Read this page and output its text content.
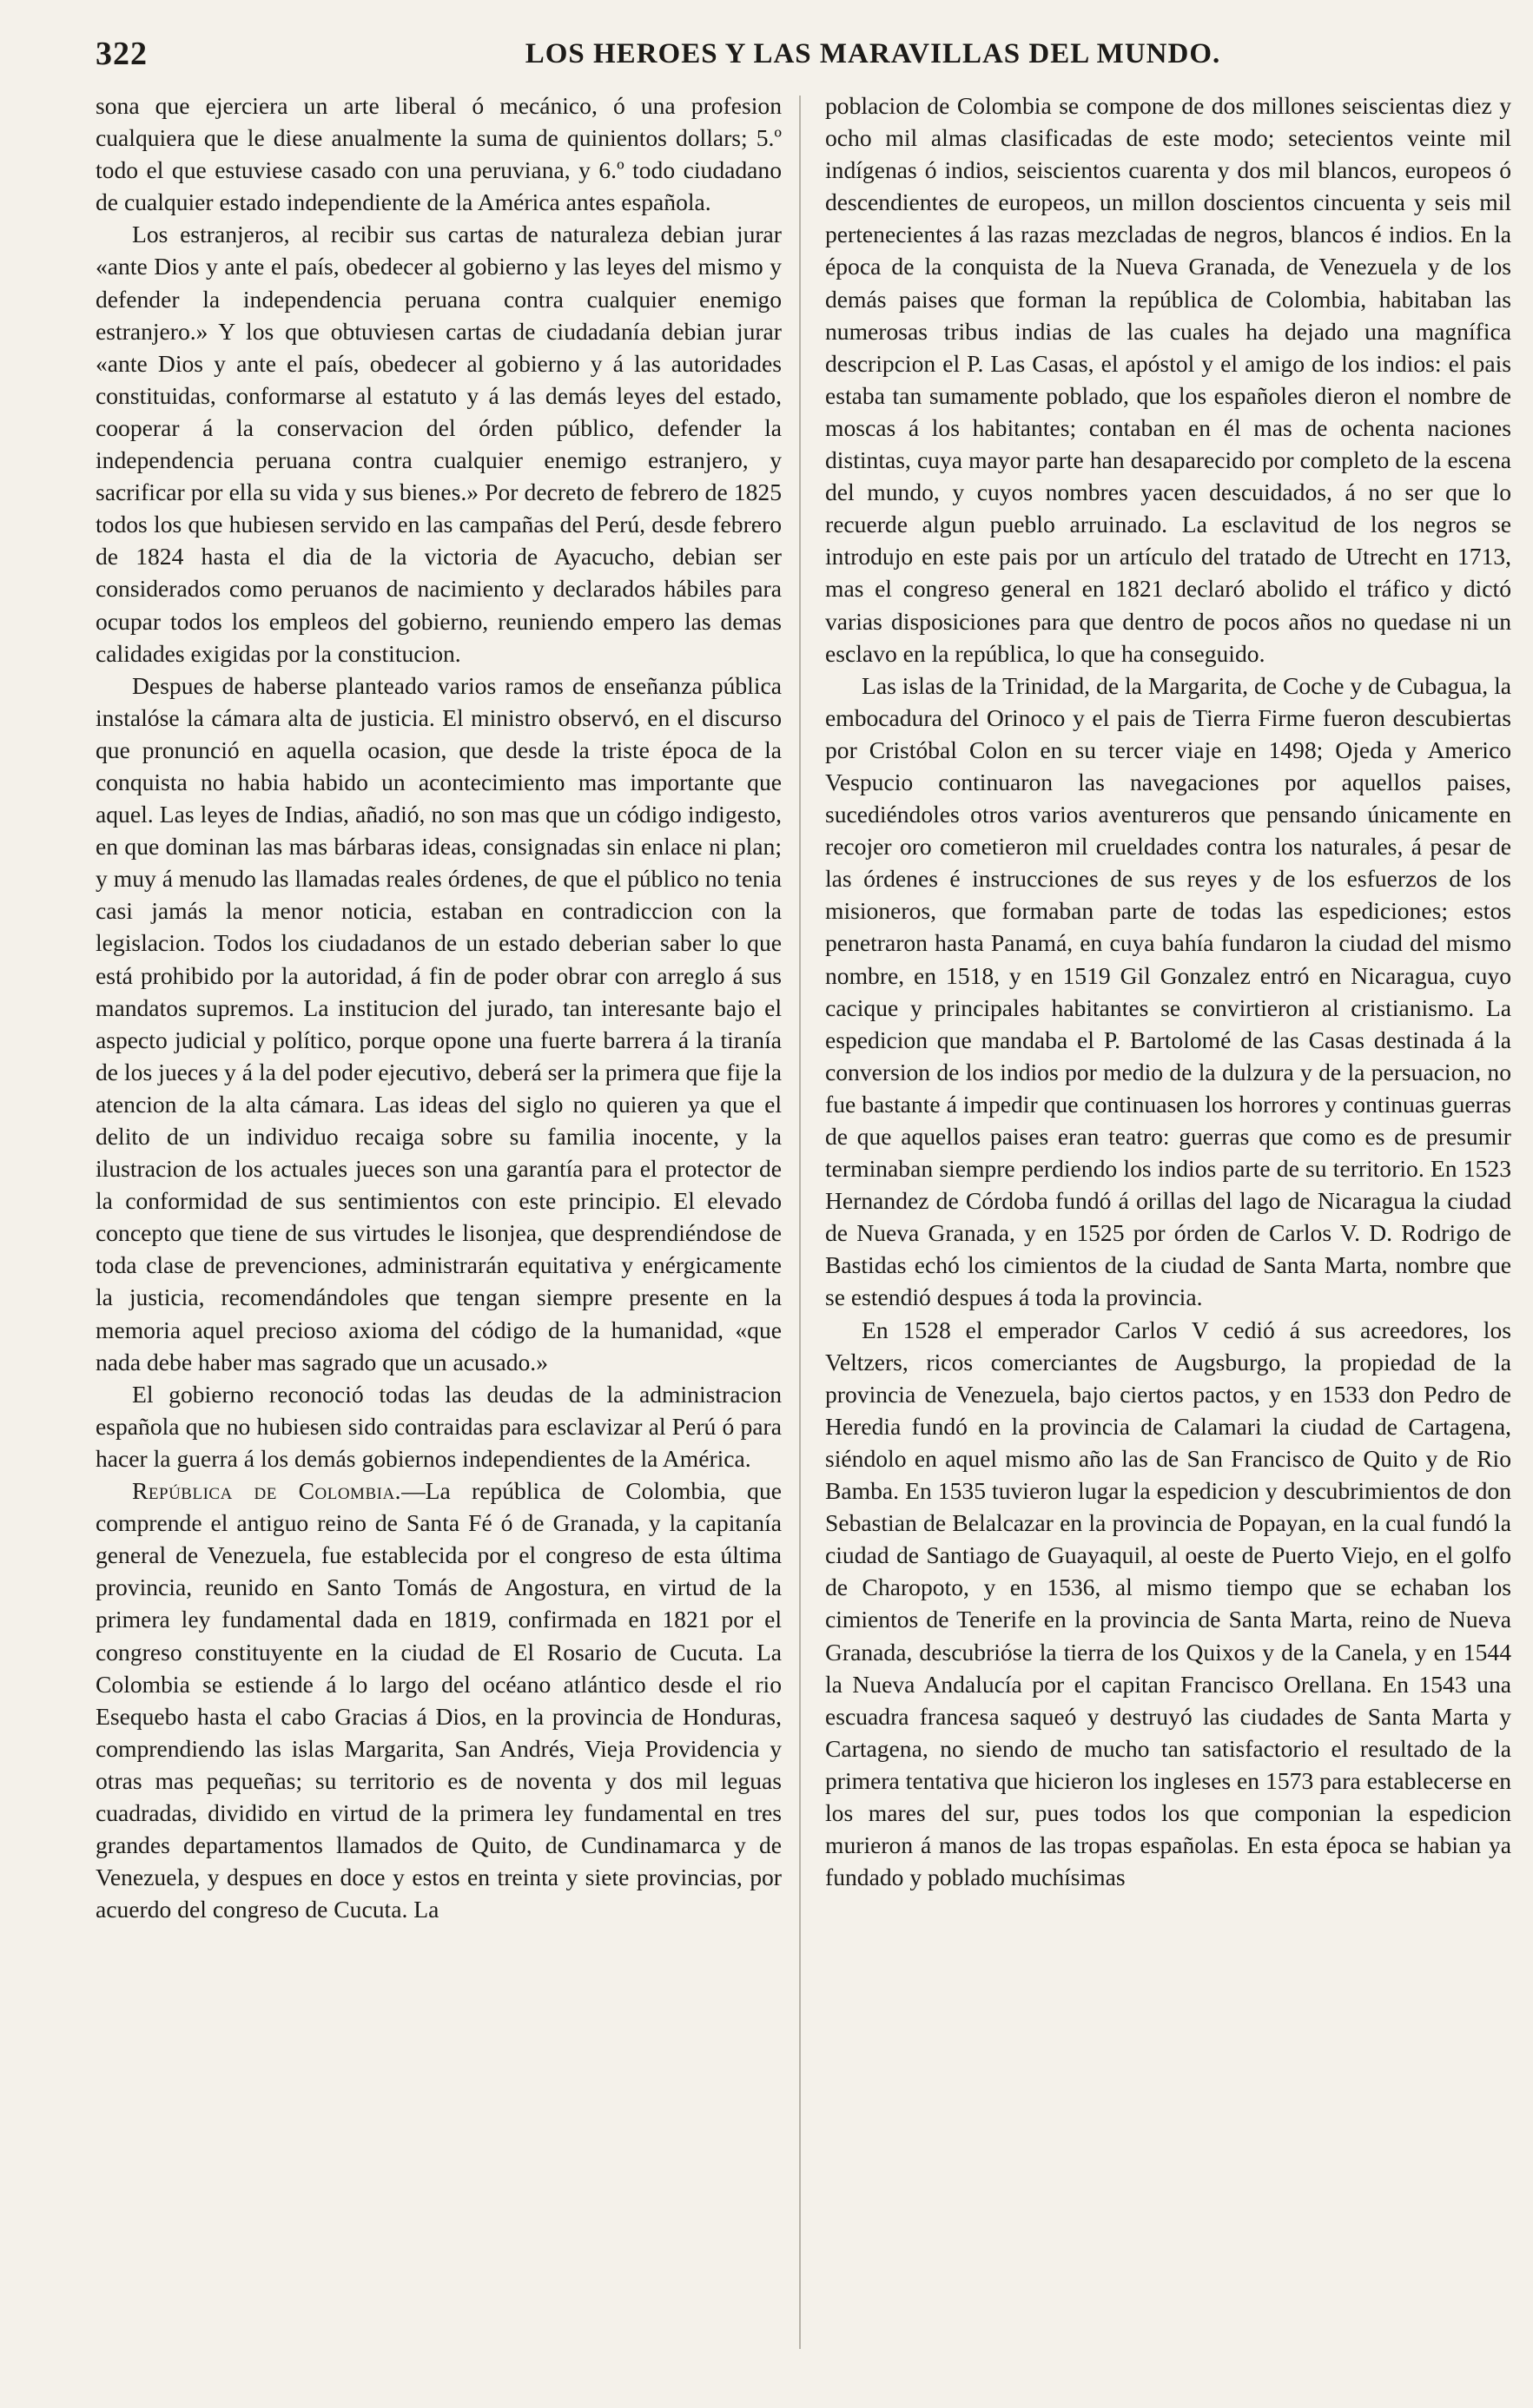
322	LOS HEROES Y LAS MARAVILLAS DEL MUNDO.

sona que ejerciera un arte liberal ó mecánico, ó una profesion cualquiera que le diese anualmente la suma de quinientos dollars; 5.º todo el que estuviese casado con una peruviana, y 6.º todo ciudadano de cualquier estado independiente de la América antes española.

Los estranjeros, al recibir sus cartas de naturaleza debian jurar «ante Dios y ante el país, obedecer al gobierno y las leyes del mismo y defender la independencia peruana contra cualquier enemigo estranjero.» Y los que obtuviesen cartas de ciudadanía debian jurar «ante Dios y ante el país, obedecer al gobierno y á las autoridades constituidas, conformarse al estatuto y á las demás leyes del estado, cooperar á la conservacion del órden público, defender la independencia peruana contra cualquier enemigo estranjero, y sacrificar por ella su vida y sus bienes.» Por decreto de febrero de 1825 todos los que hubiesen servido en las campañas del Perú, desde febrero de 1824 hasta el dia de la victoria de Ayacucho, debian ser considerados como peruanos de nacimiento y declarados hábiles para ocupar todos los empleos del gobierno, reuniendo empero las demas calidades exigidas por la constitucion.

Despues de haberse planteado varios ramos de enseñanza pública instalóse la cámara alta de justicia. El ministro observó, en el discurso que pronunció en aquella ocasion, que desde la triste época de la conquista no habia habido un acontecimiento mas importante que aquel. Las leyes de Indias, añadió, no son mas que un código indigesto, en que dominan las mas bárbaras ideas, consignadas sin enlace ni plan; y muy á menudo las llamadas reales órdenes, de que el público no tenia casi jamás la menor noticia, estaban en contradiccion con la legislacion. Todos los ciudadanos de un estado deberian saber lo que está prohibido por la autoridad, á fin de poder obrar con arreglo á sus mandatos supremos. La institucion del jurado, tan interesante bajo el aspecto judicial y político, porque opone una fuerte barrera á la tiranía de los jueces y á la del poder ejecutivo, deberá ser la primera que fije la atencion de la alta cámara. Las ideas del siglo no quieren ya que el delito de un individuo recaiga sobre su familia inocente, y la ilustracion de los actuales jueces son una garantía para el protector de la conformidad de sus sentimientos con este principio. El elevado concepto que tiene de sus virtudes le lisonjea, que desprendiéndose de toda clase de prevenciones, administrarán equitativa y enérgicamente la justicia, recomendándoles que tengan siempre presente en la memoria aquel precioso axioma del código de la humanidad, «que nada debe haber mas sagrado que un acusado.»

El gobierno reconoció todas las deudas de la administracion española que no hubiesen sido contraidas para esclavizar al Perú ó para hacer la guerra á los demás gobiernos independientes de la América.

República de Colombia.—La república de Colombia, que comprende el antiguo reino de Santa Fé ó de Granada, y la capitanía general de Venezuela, fue establecida por el congreso de esta última provincia, reunido en Santo Tomás de Angostura, en virtud de la primera ley fundamental dada en 1819, confirmada en 1821 por el congreso constituyente en la ciudad de El Rosario de Cucuta. La Colombia se estiende á lo largo del océano atlántico desde el rio Esequebo hasta el cabo Gracias á Dios, en la provincia de Honduras, comprendiendo las islas Margarita, San Andrés, Vieja Providencia y otras mas pequeñas; su territorio es de noventa y dos mil leguas cuadradas, dividido en virtud de la primera ley fundamental en tres grandes departamentos llamados de Quito, de Cundinamarca y de Venezuela, y despues en doce y estos en treinta y siete provincias, por acuerdo del congreso de Cucuta. La

poblacion de Colombia se compone de dos millones seiscientas diez y ocho mil almas clasificadas de este modo; setecientos veinte mil indígenas ó indios, seiscientos cuarenta y dos mil blancos, europeos ó descendientes de europeos, un millon doscientos cincuenta y seis mil pertenecientes á las razas mezcladas de negros, blancos é indios. En la época de la conquista de la Nueva Granada, de Venezuela y de los demás paises que forman la república de Colombia, habitaban las numerosas tribus indias de las cuales ha dejado una magnífica descripcion el P. Las Casas, el apóstol y el amigo de los indios: el pais estaba tan sumamente poblado, que los españoles dieron el nombre de moscas á los habitantes; contaban en él mas de ochenta naciones distintas, cuya mayor parte han desaparecido por completo de la escena del mundo, y cuyos nombres yacen descuidados, á no ser que lo recuerde algun pueblo arruinado. La esclavitud de los negros se introdujo en este pais por un artículo del tratado de Utrecht en 1713, mas el congreso general en 1821 declaró abolido el tráfico y dictó varias disposiciones para que dentro de pocos años no quedase ni un esclavo en la república, lo que ha conseguido.

Las islas de la Trinidad, de la Margarita, de Coche y de Cubagua, la embocadura del Orinoco y el pais de Tierra Firme fueron descubiertas por Cristóbal Colon en su tercer viaje en 1498; Ojeda y Americo Vespucio continuaron las navegaciones por aquellos paises, sucediéndoles otros varios aventureros que pensando únicamente en recojer oro cometieron mil crueldades contra los naturales, á pesar de las órdenes é instrucciones de sus reyes y de los esfuerzos de los misioneros, que formaban parte de todas las espediciones; estos penetraron hasta Panamá, en cuya bahía fundaron la ciudad del mismo nombre, en 1518, y en 1519 Gil Gonzalez entró en Nicaragua, cuyo cacique y principales habitantes se convirtieron al cristianismo. La espedicion que mandaba el P. Bartolomé de las Casas destinada á la conversion de los indios por medio de la dulzura y de la persuacion, no fue bastante á impedir que continuasen los horrores y continuas guerras de que aquellos paises eran teatro: guerras que como es de presumir terminaban siempre perdiendo los indios parte de su territorio. En 1523 Hernandez de Córdoba fundó á orillas del lago de Nicaragua la ciudad de Nueva Granada, y en 1525 por órden de Carlos V. D. Rodrigo de Bastidas echó los cimientos de la ciudad de Santa Marta, nombre que se estendió despues á toda la provincia.

En 1528 el emperador Carlos V cedió á sus acreedores, los Veltzers, ricos comerciantes de Augsburgo, la propiedad de la provincia de Venezuela, bajo ciertos pactos, y en 1533 don Pedro de Heredia fundó en la provincia de Calamari la ciudad de Cartagena, siéndolo en aquel mismo año las de San Francisco de Quito y de Rio Bamba. En 1535 tuvieron lugar la espedicion y descubrimientos de don Sebastian de Belalcazar en la provincia de Popayan, en la cual fundó la ciudad de Santiago de Guayaquil, al oeste de Puerto Viejo, en el golfo de Charopoto, y en 1536, al mismo tiempo que se echaban los cimientos de Tenerife en la provincia de Santa Marta, reino de Nueva Granada, descubrióse la tierra de los Quixos y de la Canela, y en 1544 la Nueva Andalucía por el capitan Francisco Orellana. En 1543 una escuadra francesa saqueó y destruyó las ciudades de Santa Marta y Cartagena, no siendo de mucho tan satisfactorio el resultado de la primera tentativa que hicieron los ingleses en 1573 para establecerse en los mares del sur, pues todos los que componian la espedicion murieron á manos de las tropas españolas. En esta época se habian ya fundado y poblado muchísimas
